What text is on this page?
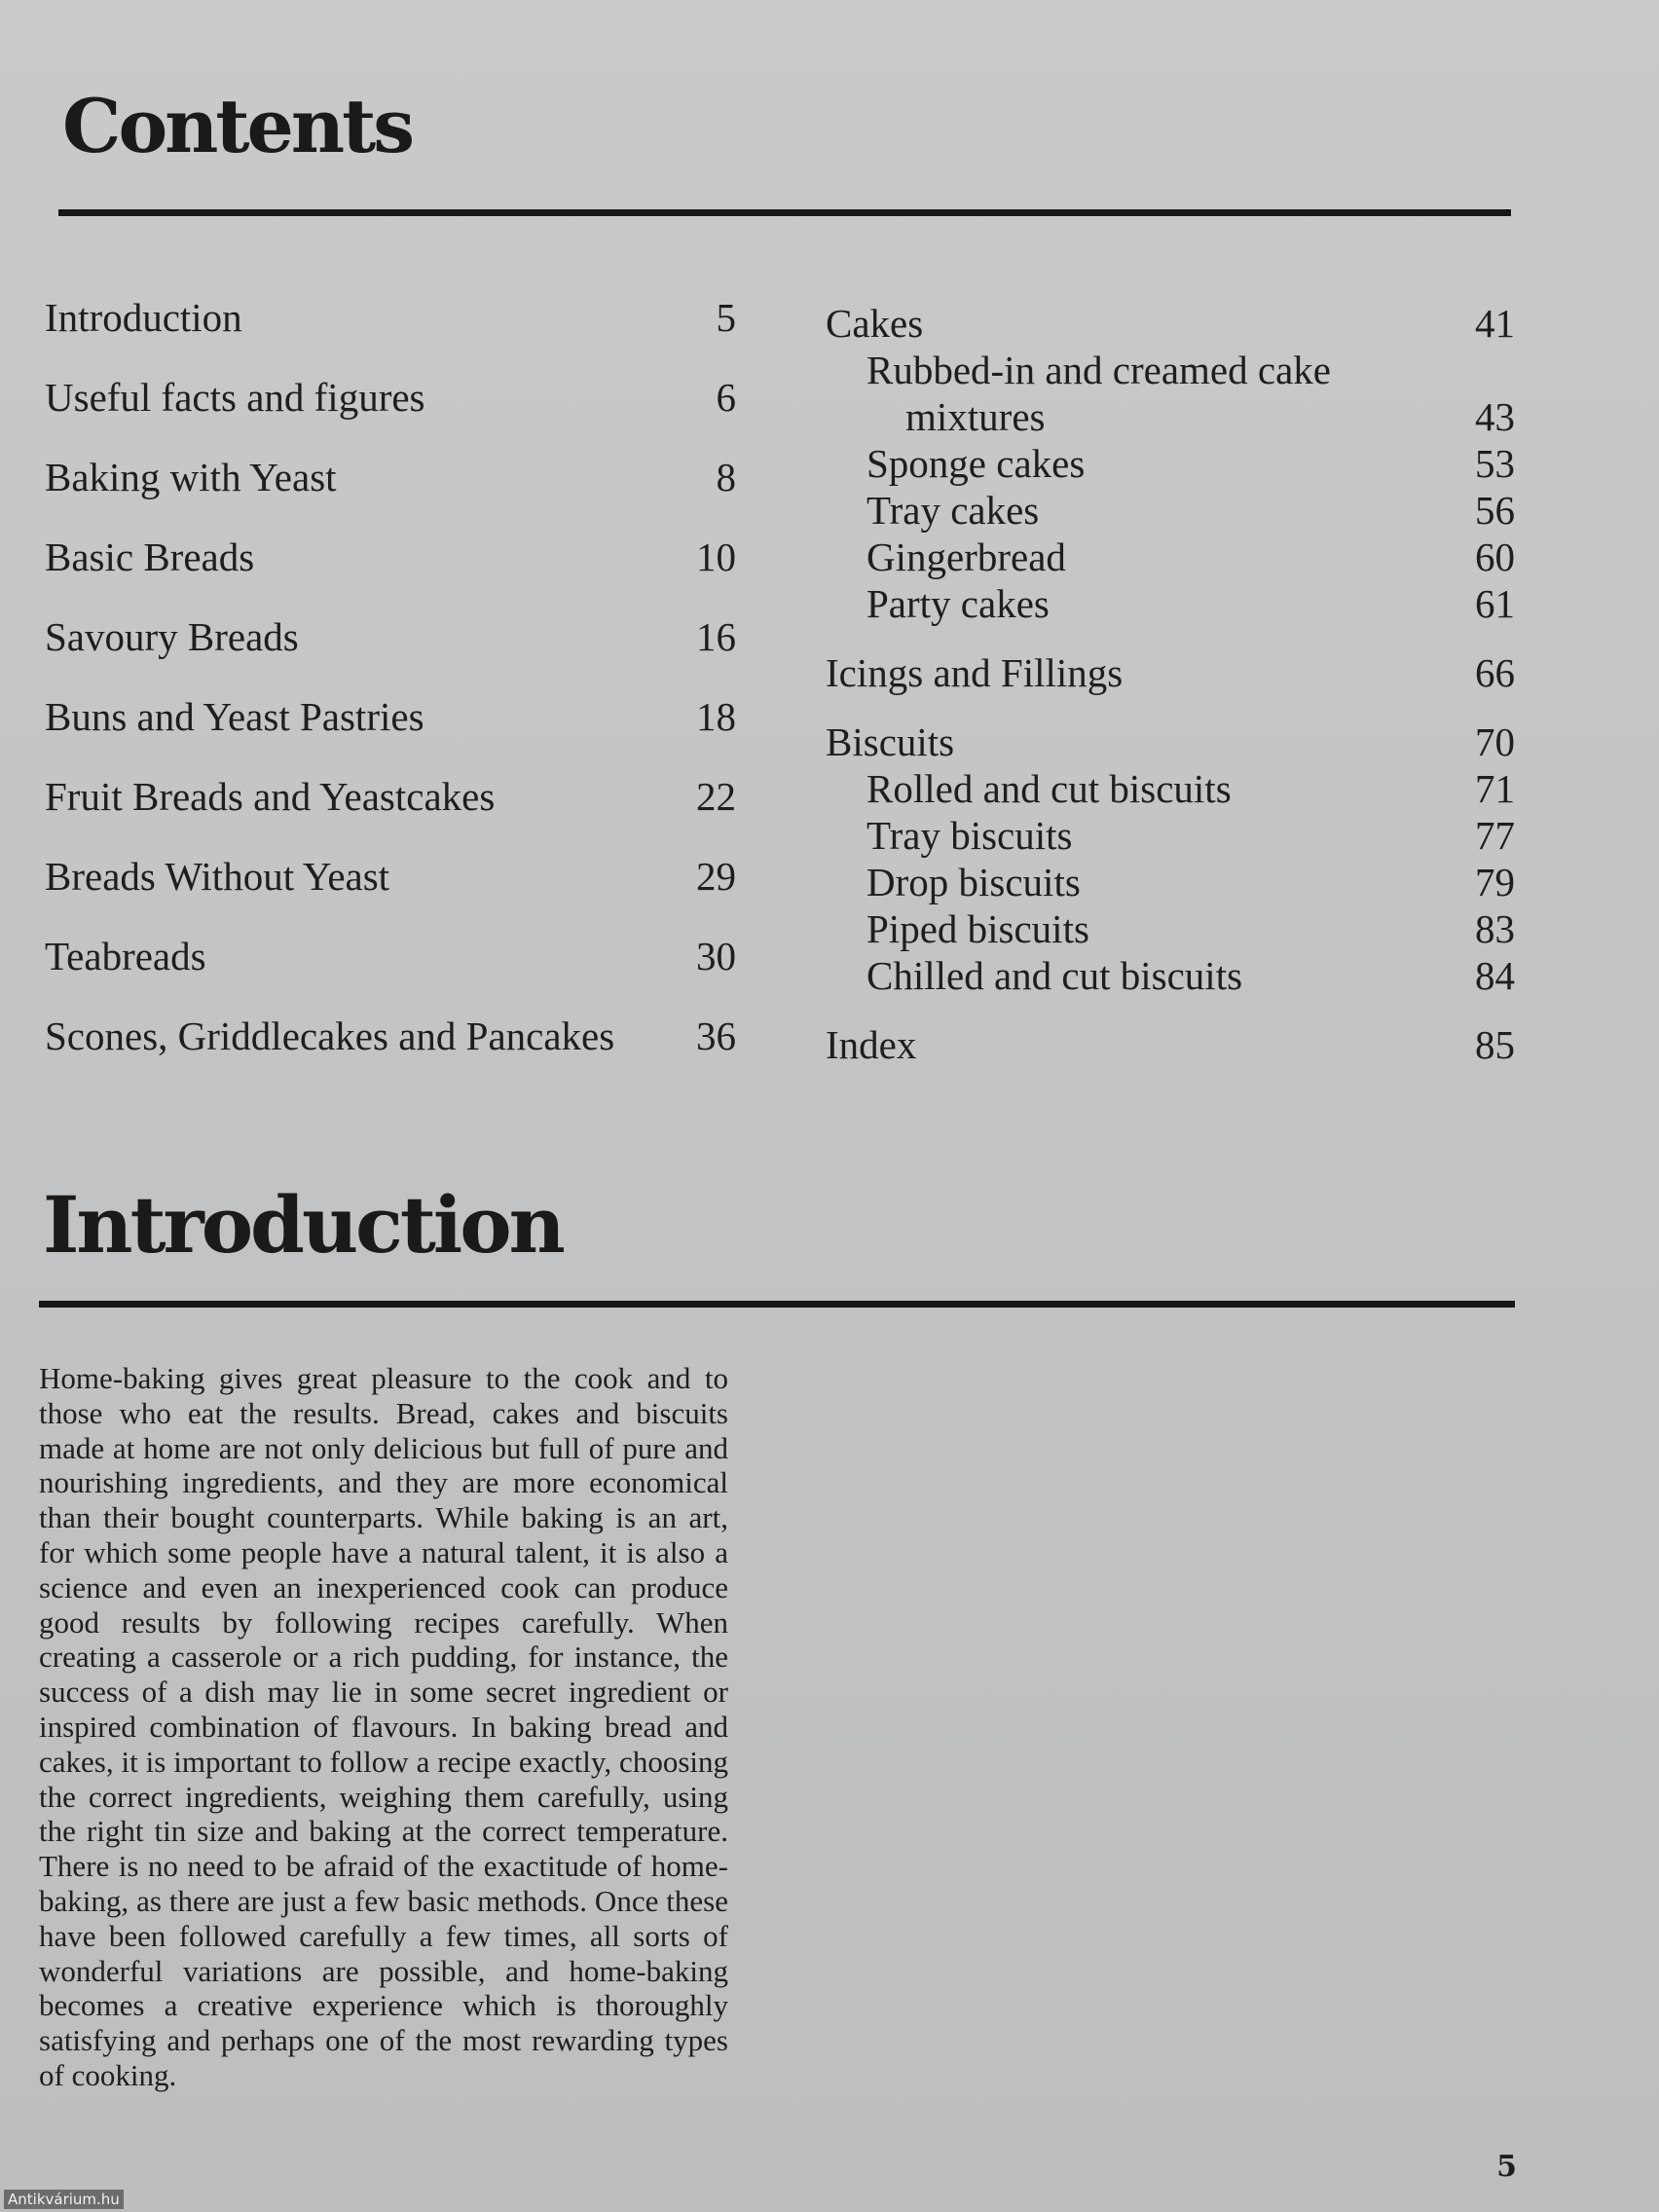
Contents
Introduction	5
Useful facts and figures	6
Baking with Yeast	8
Basic Breads	10
Savoury Breads	16
Buns and Yeast Pastries	18
Fruit Breads and Yeastcakes	22
Breads Without Yeast	29
Teabreads	30
Scones, Griddlecakes and Pancakes 36
Cakes	41
Rubbed-in and creamed cake
mixtures	43
Sponge cakes	53
Tray cakes	56
Gingerbread	60
Party cakes	61
Icings and Fillings	66
Biscuits	70
Rolled and cut biscuits	71
Tray biscuits	77
Drop biscuits	79
Piped biscuits	83
Chilled and cut biscuits	84
Index	85
Introduction

Home-baking gives great pleasure to the cook and to those who eat the results. Bread, cakes and biscuits made at home are not only delicious but full of pure and nourishing ingredients, and they are more economical than their bought counterparts. While baking is an art, for which some people have a natural talent, it is also a science and even an inexperienced cook can produce good results by following recipes carefully. When creating a casserole or a rich pudding, for instance, the success of a dish may lie in some secret ingredient or inspired combination of flavours. In baking bread and cakes, it is important to follow a recipe exactly, choosing the correct ingredients, weighing them carefully, using the right tin size and baking at the correct temperature. There is no need to be afraid of the exactitude of home-baking, as there are just a few basic methods. Once these have been followed carefully a few times, all sorts of wonderful variations are possible, and home-baking becomes a creative experience which is thoroughly satisfying and perhaps one of the most rewarding types of cooking.

5
Antikvárium.hu
